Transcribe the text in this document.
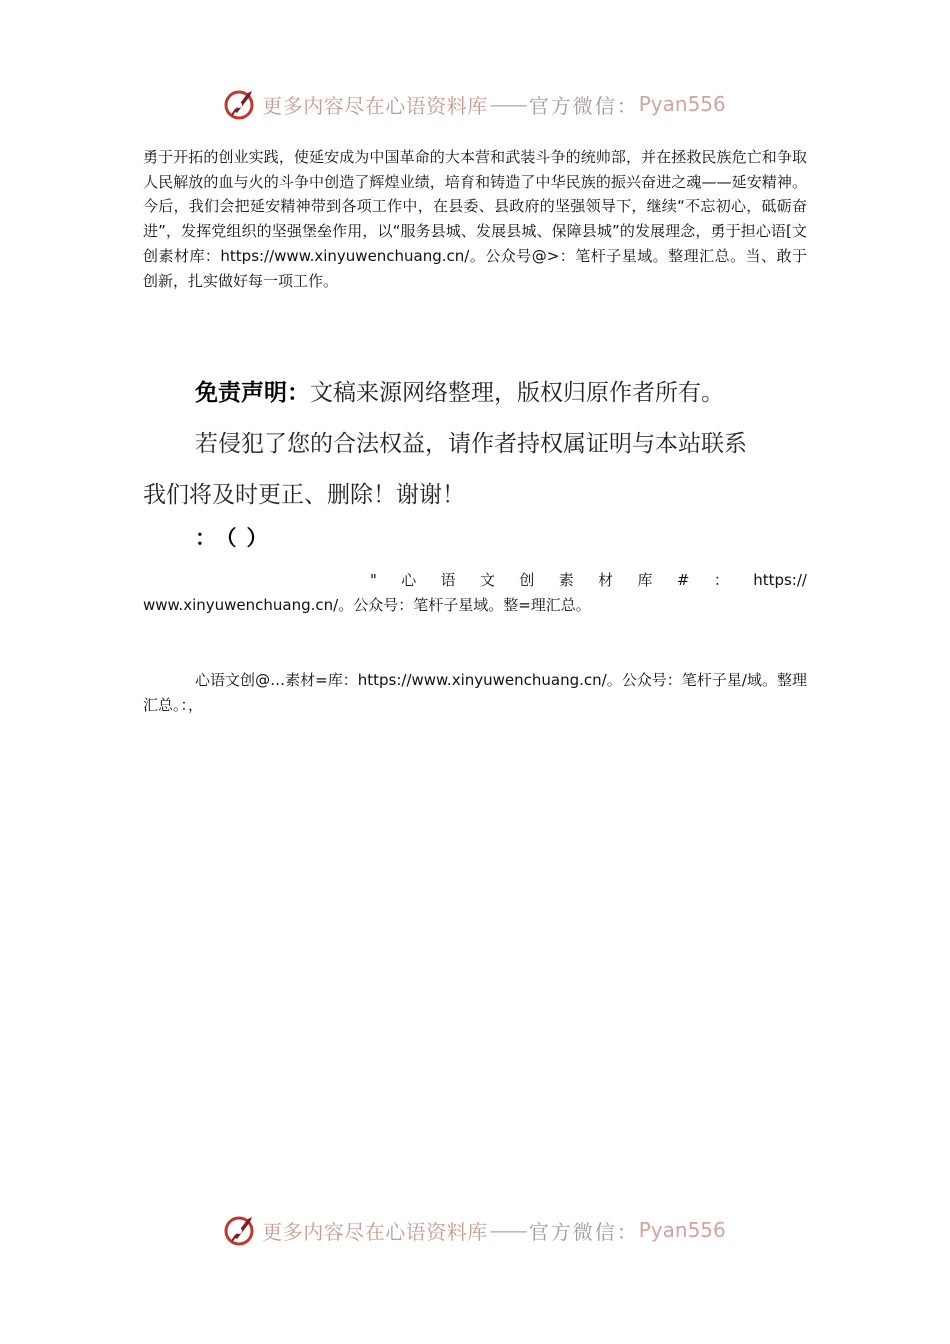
更多内容尽在心语资料库 —— 官方微信： Pyan556

勇于开拓的创业实践，使延安成为中国革命的大本营和武装斗争的统帅部，并在拯救民族危亡和争取人民解放的血与火的斗争中创造了辉煌业绩，培育和铸造了中华民族的振兴奋进之魂——延安精神。今后，我们会把延安精神带到各项工作中，在县委、县政府的坚强领导下，继续“不忘初心，砥砺奋进”，发挥党组织的坚强堡垒作用，以“服务县城、发展县城、保障县城”的发展理念，勇于担心语[文创素材库：https://www.xinyuwenchuang.cn/。公众号@>：笔杆子星域。整理汇总。当、敢于创新，扎实做好每一项工作。

免责声明：文稿来源网络整理，版权归原作者所有。
若侵犯了您的合法权益，请作者持权属证明与本站联系
我们将及时更正、删除！谢谢！
：（）
" 心 语 文 创 素 材 库 # ： https://
www.xinyuwenchuang.cn/。公众号：笔杆子星域。整=理汇总。

心语文创@…素材=库：https://www.xinyuwenchuang.cn/。公众号：笔杆子星/域。整理汇总。：，

更多内容尽在心语资料库 —— 官方微信： Pyan556
